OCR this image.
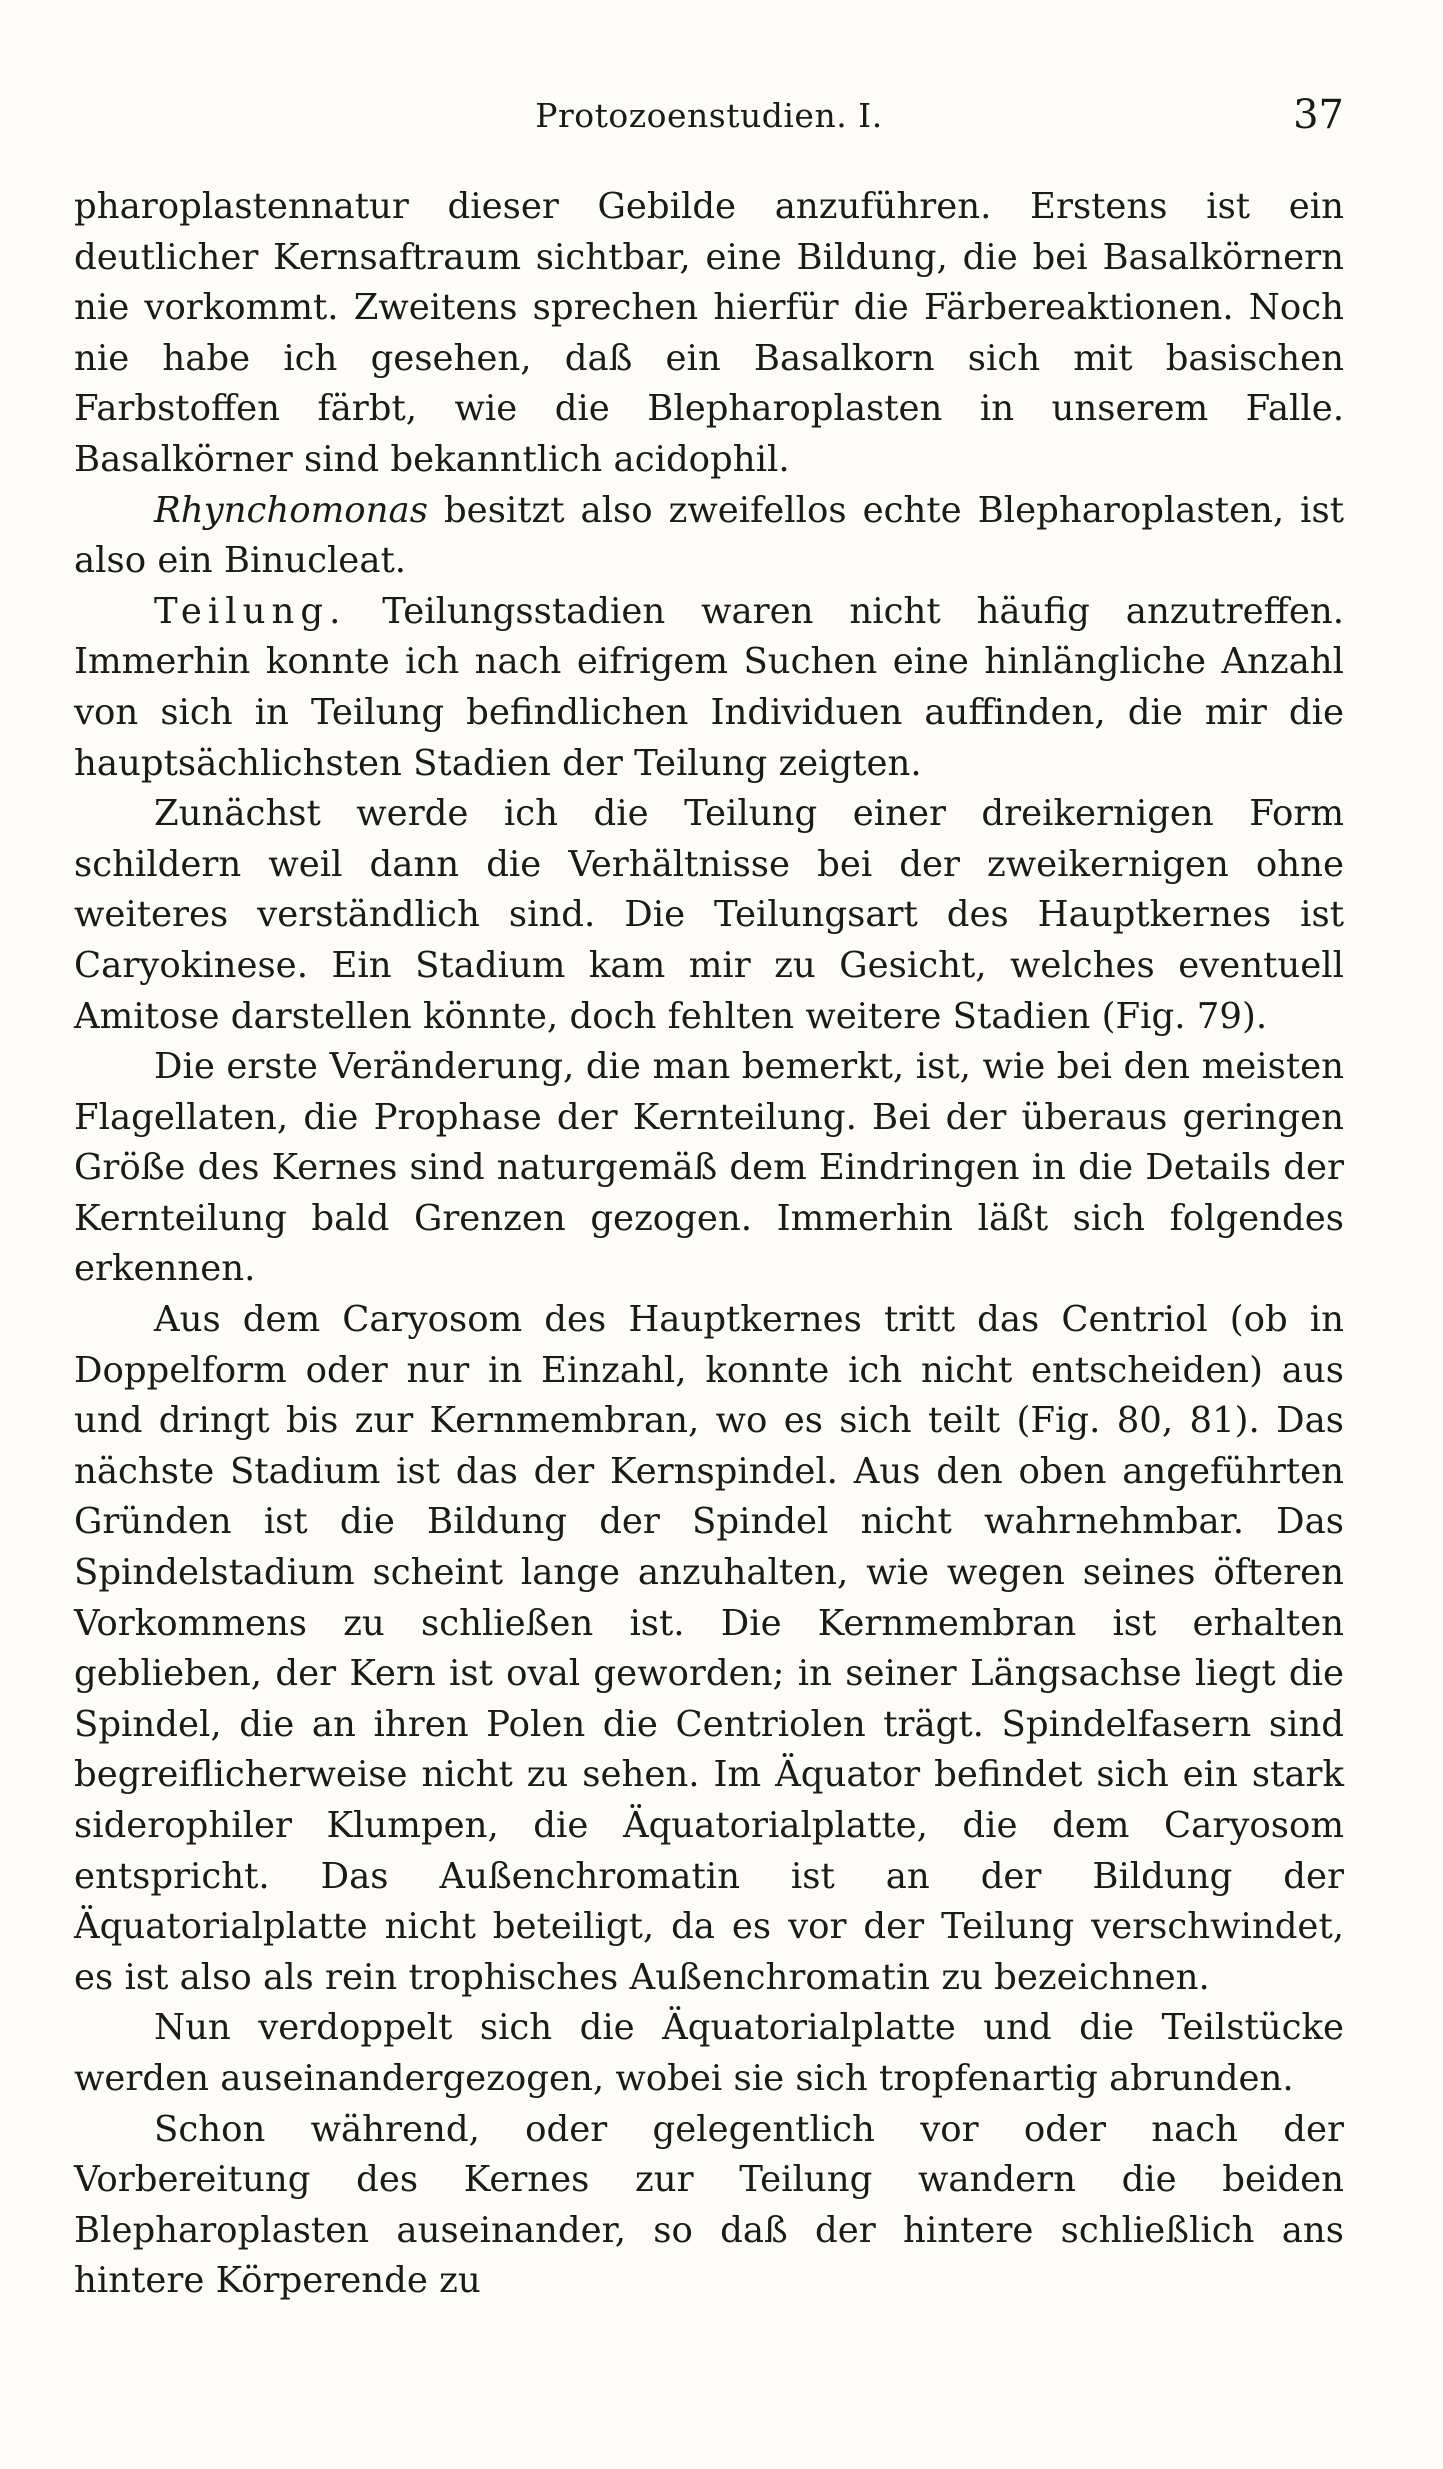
Protozoenstudien. I.	37

pharoplastennatur dieser Gebilde anzuführen. Erstens ist ein deutlicher Kernsaftraum sichtbar, eine Bildung, die bei Basalkörnern nie vorkommt. Zweitens sprechen hierfür die Färbereaktionen. Noch nie habe ich gesehen, daß ein Basalkorn sich mit basischen Farbstoffen färbt, wie die Blepharoplasten in unserem Falle. Basalkörner sind bekanntlich acidophil.

Rhynchomonas besitzt also zweifellos echte Blepharoplasten, ist also ein Binucleat.

Teilung. Teilungsstadien waren nicht häufig anzutreffen. Immerhin konnte ich nach eifrigem Suchen eine hinlängliche Anzahl von sich in Teilung befindlichen Individuen auffinden, die mir die hauptsächlichsten Stadien der Teilung zeigten.

Zunächst werde ich die Teilung einer dreikernigen Form schildern weil dann die Verhältnisse bei der zweikernigen ohne weiteres verständlich sind. Die Teilungsart des Hauptkernes ist Caryokinese. Ein Stadium kam mir zu Gesicht, welches eventuell Amitose darstellen könnte, doch fehlten weitere Stadien (Fig. 79).

Die erste Veränderung, die man bemerkt, ist, wie bei den meisten Flagellaten, die Prophase der Kernteilung. Bei der überaus geringen Größe des Kernes sind naturgemäß dem Eindringen in die Details der Kernteilung bald Grenzen gezogen. Immerhin läßt sich folgendes erkennen.

Aus dem Caryosom des Hauptkernes tritt das Centriol (ob in Doppelform oder nur in Einzahl, konnte ich nicht entscheiden) aus und dringt bis zur Kernmembran, wo es sich teilt (Fig. 80, 81). Das nächste Stadium ist das der Kernspindel. Aus den oben angeführten Gründen ist die Bildung der Spindel nicht wahrnehmbar. Das Spindelstadium scheint lange anzuhalten, wie wegen seines öfteren Vorkommens zu schließen ist. Die Kernmembran ist erhalten geblieben, der Kern ist oval geworden; in seiner Längsachse liegt die Spindel, die an ihren Polen die Centriolen trägt. Spindelfasern sind begreiflicherweise nicht zu sehen. Im Äquator befindet sich ein stark siderophiler Klumpen, die Äquatorialplatte, die dem Caryosom entspricht. Das Außenchromatin ist an der Bildung der Äquatorialplatte nicht beteiligt, da es vor der Teilung verschwindet, es ist also als rein trophisches Außenchromatin zu bezeichnen.

Nun verdoppelt sich die Äquatorialplatte und die Teilstücke werden auseinandergezogen, wobei sie sich tropfenartig abrunden.

Schon während, oder gelegentlich vor oder nach der Vorbereitung des Kernes zur Teilung wandern die beiden Blepharoplasten auseinander, so daß der hintere schließlich ans hintere Körperende zu
